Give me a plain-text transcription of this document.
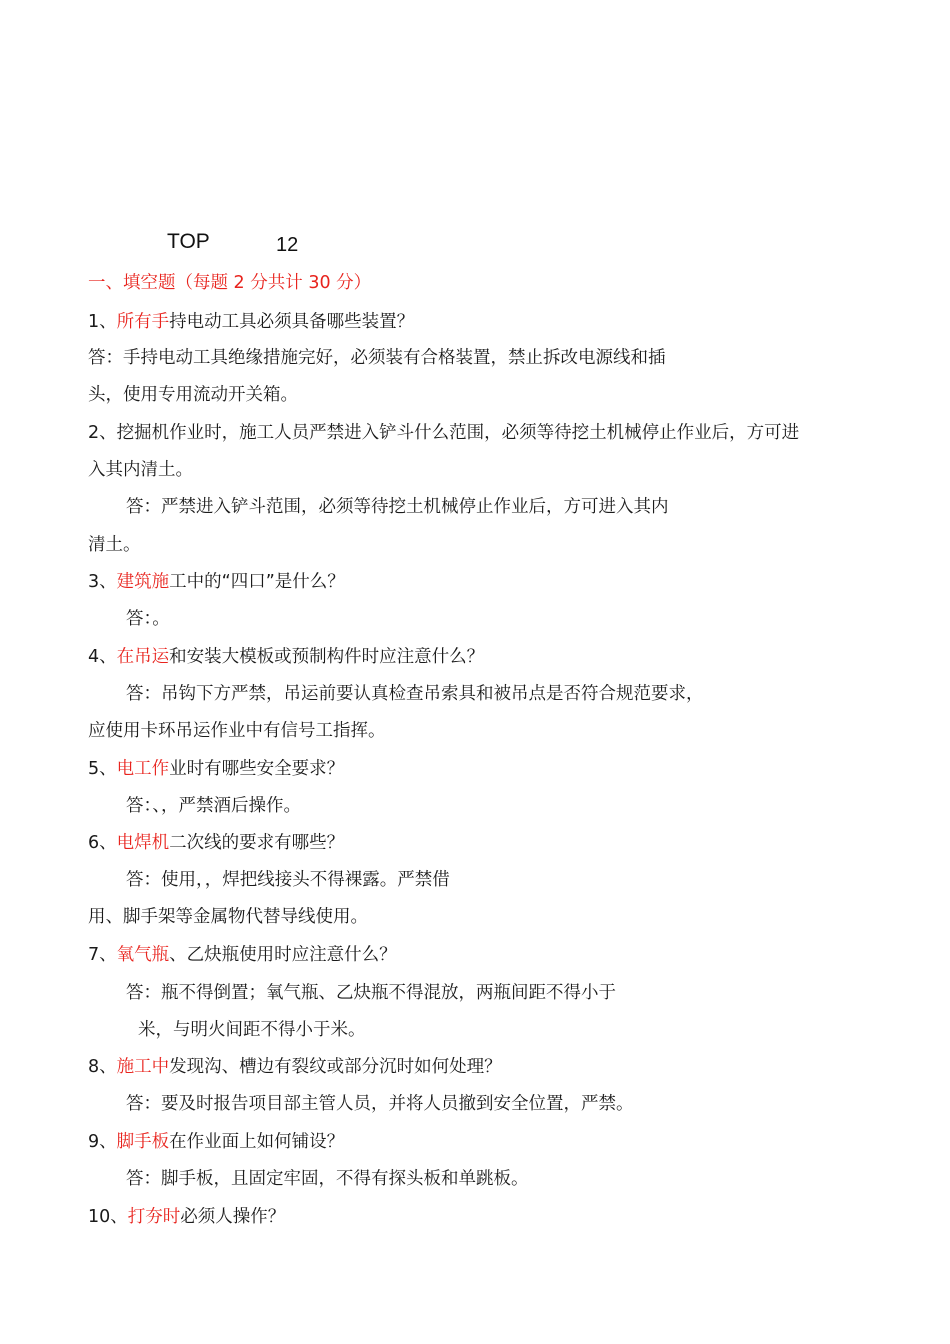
TOP	12
一、填空题（每题 2 分共计 30 分）
1、所有手持电动工具必须具备哪些装置？
答：手持电动工具绝缘措施完好，必须装有合格装置，禁止拆改电源线和插
头，使用专用流动开关箱。
2、挖掘机作业时，施工人员严禁进入铲斗什么范围，必须等待挖土机械停止作业后，方可进
入其内清土。
答：严禁进入铲斗范围，必须等待挖土机械停止作业后，方可进入其内
清土。
3、建筑施工中的“四口”是什么？
答：。
4、在吊运和安装大模板或预制构件时应注意什么？
答：吊钩下方严禁，吊运前要认真检查吊索具和被吊点是否符合规范要求，
应使用卡环吊运作业中有信号工指挥。
5、电工作业时有哪些安全要求？
答：、，严禁酒后操作。
6、电焊机二次线的要求有哪些？
答：使用，，焊把线接头不得裸露。严禁借
用、脚手架等金属物代替导线使用。
7、氧气瓶、乙炔瓶使用时应注意什么？
答：瓶不得倒置；氧气瓶、乙炔瓶不得混放，两瓶间距不得小于
米，与明火间距不得小于米。
8、施工中发现沟、槽边有裂纹或部分沉时如何处理？
答：要及时报告项目部主管人员，并将人员撤到安全位置，严禁。
9、脚手板在作业面上如何铺设？
答：脚手板，且固定牢固，不得有探头板和单跳板。
10、打夯时必须人操作？
